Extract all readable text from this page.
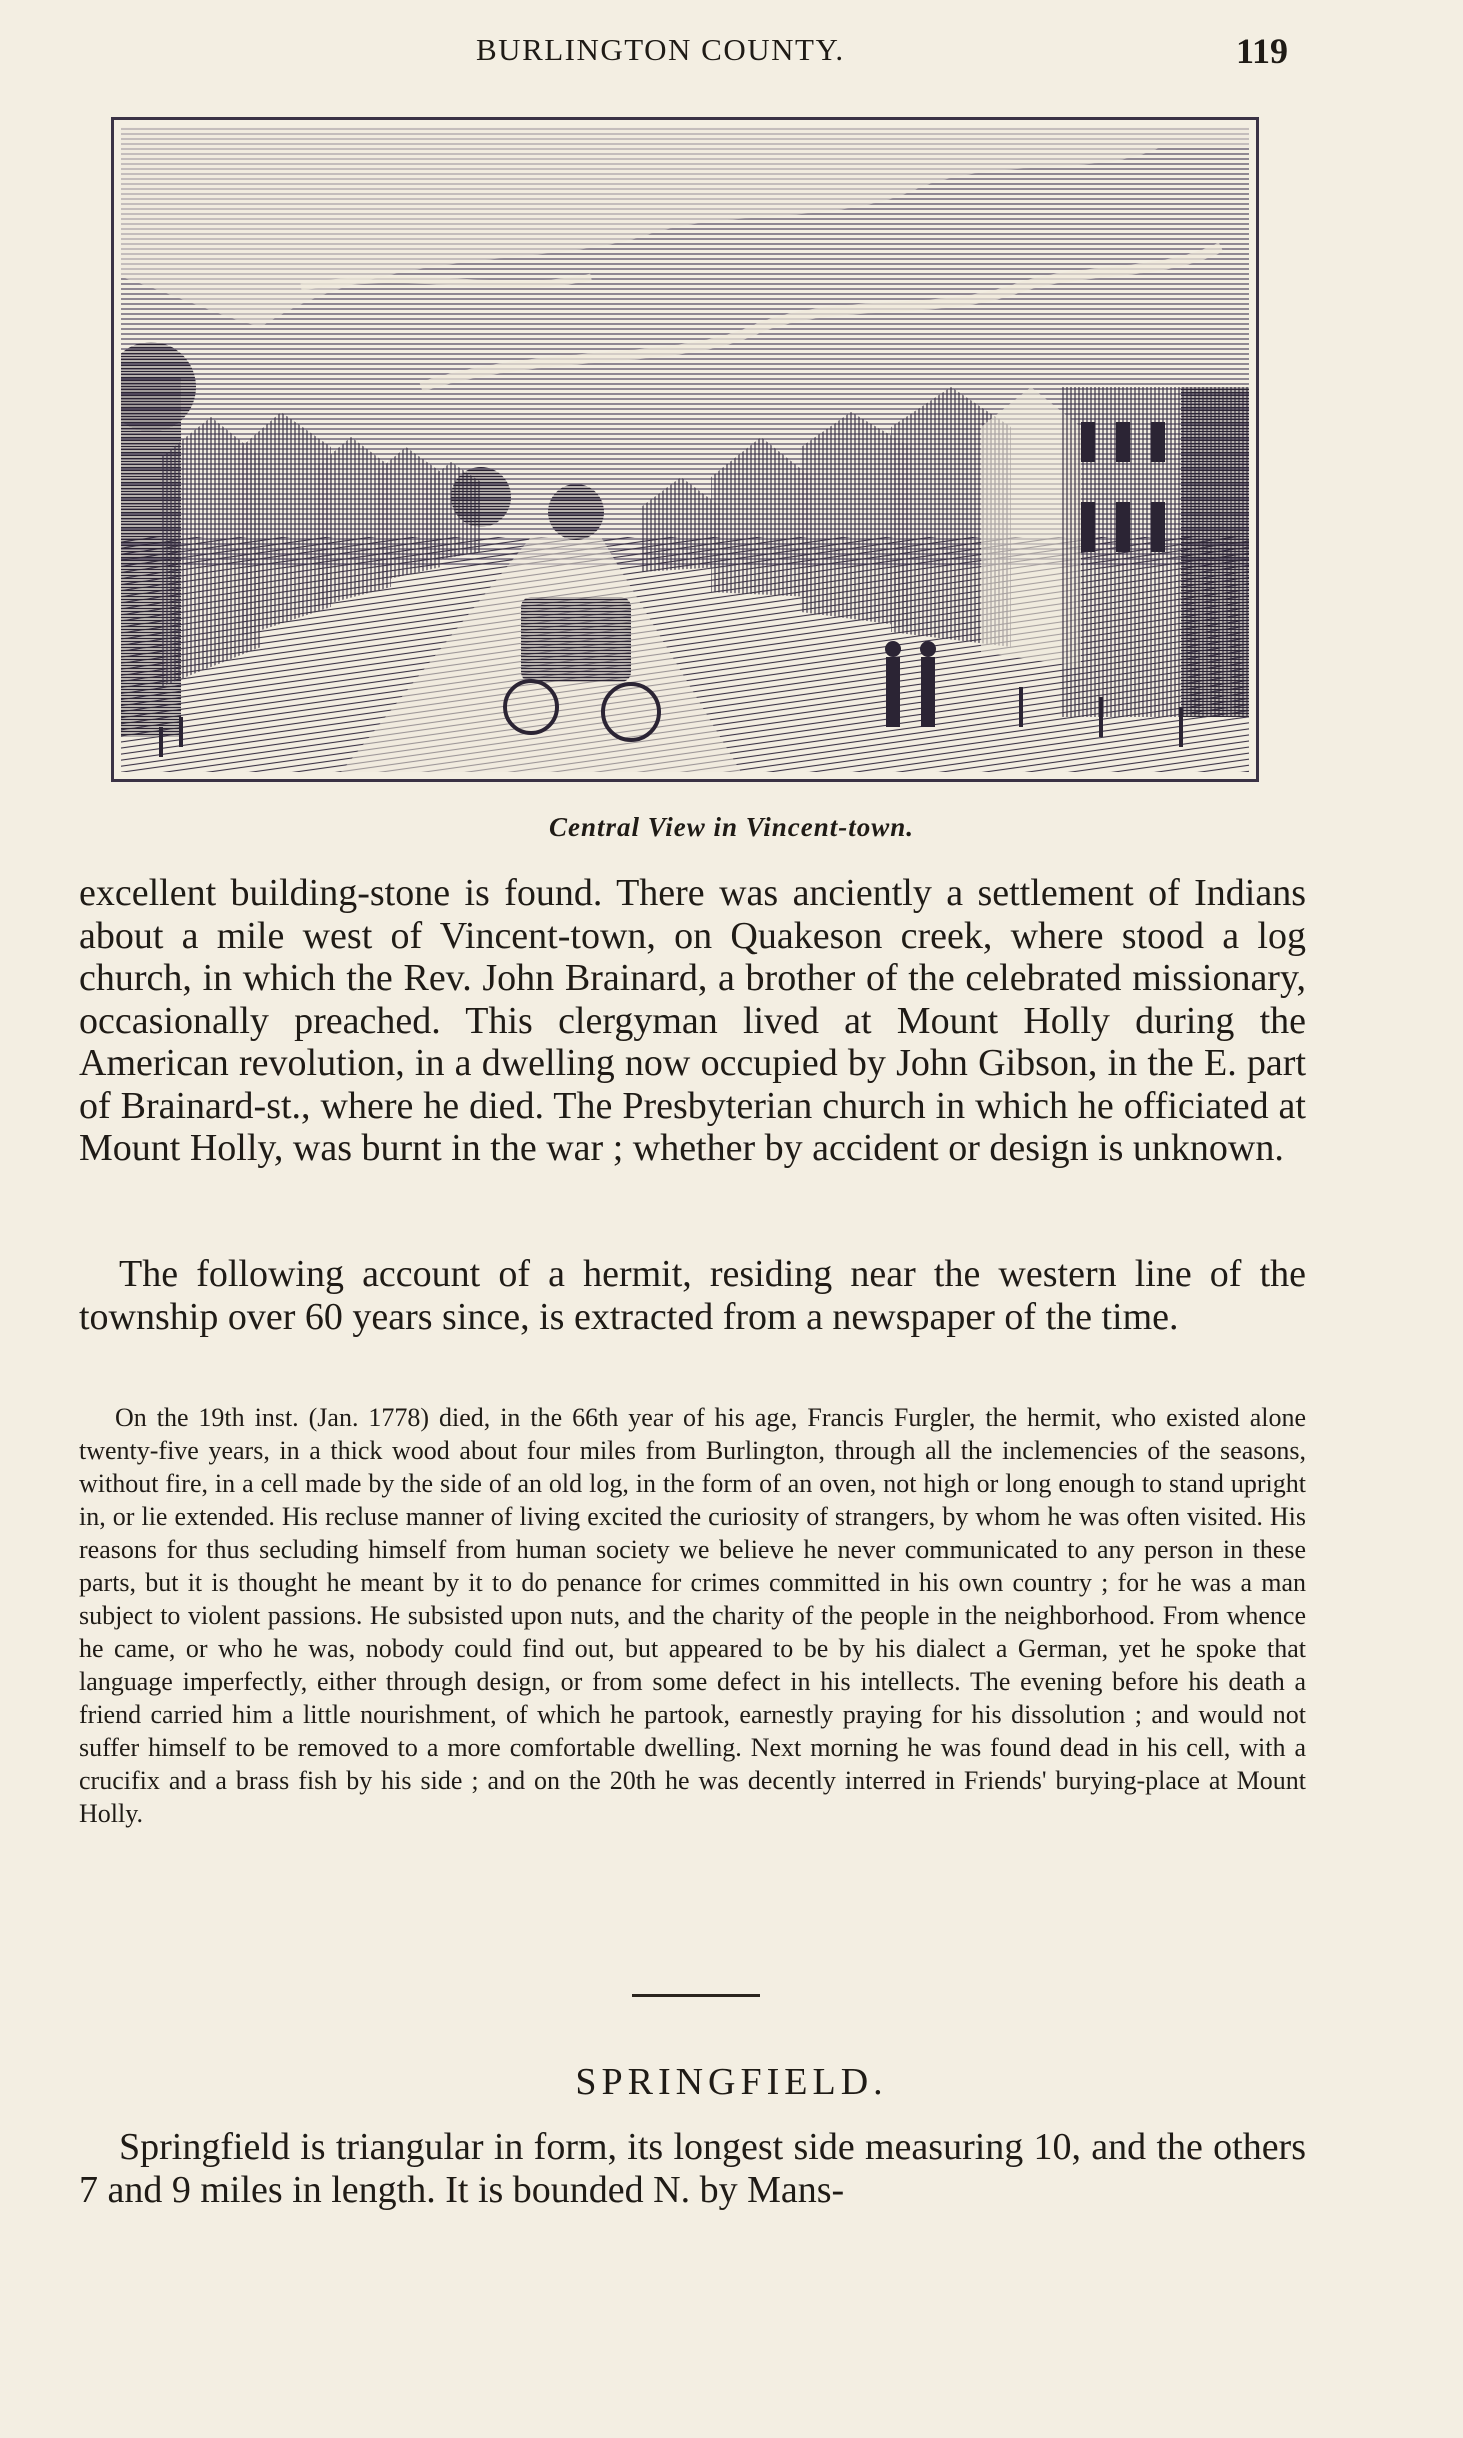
BURLINGTON COUNTY.	119
Central View in Vincent-town.

excellent building-stone is found. There was anciently a settlement of Indians about a mile west of Vincent-town, on Quakeson creek, where stood a log church, in which the Rev. John Brainard, a brother of the celebrated missionary, occasionally preached. This clergyman lived at Mount Holly during the American revolution, in a dwelling now occupied by John Gibson, in the E. part of Brainard-st., where he died. The Presbyterian church in which he officiated at Mount Holly, was burnt in the war ; whether by accident or design is unknown.

The following account of a hermit, residing near the western line of the township over 60 years since, is extracted from a newspaper of the time.

On the 19th inst. (Jan. 1778) died, in the 66th year of his age, Francis Furgler, the hermit, who existed alone twenty-five years, in a thick wood about four miles from Burlington, through all the inclemencies of the seasons, without fire, in a cell made by the side of an old log, in the form of an oven, not high or long enough to stand upright in, or lie extended. His recluse manner of living excited the curiosity of strangers, by whom he was often visited. His reasons for thus secluding himself from human society we believe he never communicated to any person in these parts, but it is thought he meant by it to do penance for crimes committed in his own country ; for he was a man subject to violent passions. He subsisted upon nuts, and the charity of the people in the neighborhood. From whence he came, or who he was, nobody could find out, but appeared to be by his dialect a German, yet he spoke that language imperfectly, either through design, or from some defect in his intellects. The evening before his death a friend carried him a little nourishment, of which he partook, earnestly praying for his dissolution ; and would not suffer himself to be removed to a more comfortable dwelling. Next morning he was found dead in his cell, with a crucifix and a brass fish by his side ; and on the 20th he was decently interred in Friends' burying-place at Mount Holly.

SPRINGFIELD.

Springfield is triangular in form, its longest side measuring 10, and the others 7 and 9 miles in length. It is bounded N. by Mans-
